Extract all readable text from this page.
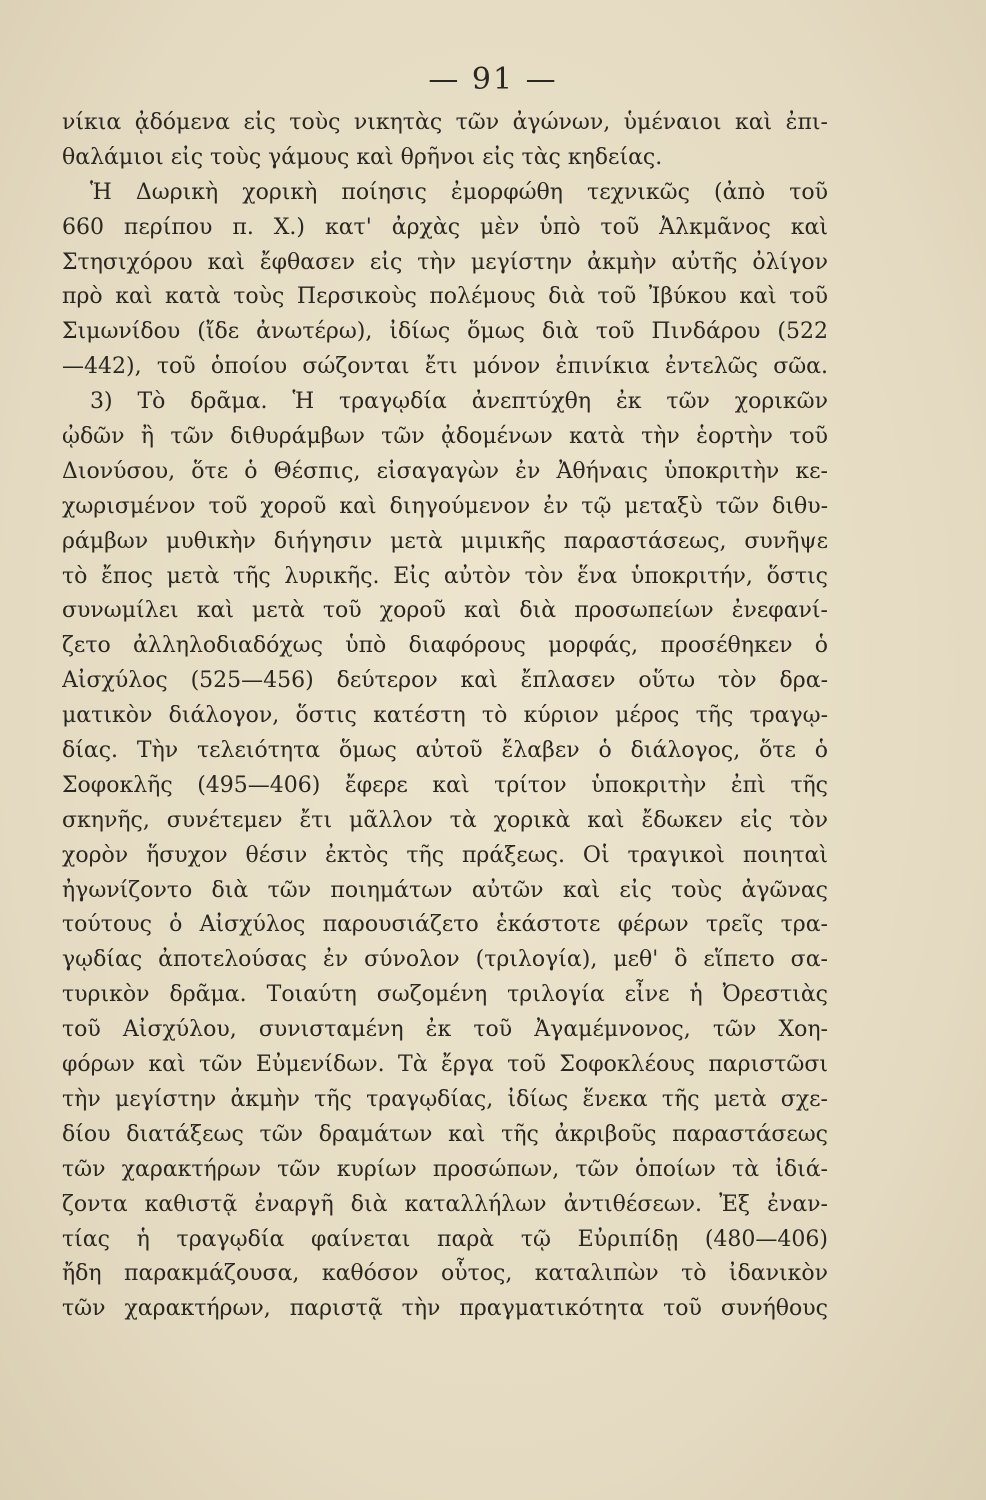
— 91 —
νίκια ᾀδόμενα εἰς τοὺς νικητὰς τῶν ἀγώνων, ὑμέναιοι καὶ ἐπι-
θαλάμιοι εἰς τοὺς γάμους καὶ θρῆνοι εἰς τὰς κηδείας.
Ἡ Δωρικὴ χορικὴ ποίησις ἐμορφώθη τεχνικῶς (ἀπὸ τοῦ
660 περίπου π. Χ.) κατ' ἀρχὰς μὲν ὑπὸ τοῦ Ἀλκμᾶνος καὶ
Στησιχόρου καὶ ἔφθασεν εἰς τὴν μεγίστην ἀκμὴν αὐτῆς ὀλίγον
πρὸ καὶ κατὰ τοὺς Περσικοὺς πολέμους διὰ τοῦ Ἰβύκου καὶ τοῦ
Σιμωνίδου (ἴδε ἀνωτέρω), ἰδίως ὅμως διὰ τοῦ Πινδάρου (522
—442), τοῦ ὁποίου σώζονται ἔτι μόνον ἐπινίκια ἐντελῶς σῶα.
3) Τὸ δρᾶμα. Ἡ τραγῳδία ἀνεπτύχθη ἐκ τῶν χορικῶν
ᾠδῶν ἢ τῶν διθυράμβων τῶν ᾀδομένων κατὰ τὴν ἑορτὴν τοῦ
Διονύσου, ὅτε ὁ Θέσπις, εἰσαγαγὼν ἐν Ἀθήναις ὑποκριτὴν κε-
χωρισμένον τοῦ χοροῦ καὶ διηγούμενον ἐν τῷ μεταξὺ τῶν διθυ-
ράμβων μυθικὴν διήγησιν μετὰ μιμικῆς παραστάσεως, συνῆψε
τὸ ἔπος μετὰ τῆς λυρικῆς. Εἰς αὐτὸν τὸν ἕνα ὑποκριτήν, ὅστις
συνωμίλει καὶ μετὰ τοῦ χοροῦ καὶ διὰ προσωπείων ἐνεφανί-
ζετο ἀλληλοδιαδόχως ὑπὸ διαφόρους μορφάς, προσέθηκεν ὁ
Αἰσχύλος (525—456) δεύτερον καὶ ἔπλασεν οὕτω τὸν δρα-
ματικὸν διάλογον, ὅστις κατέστη τὸ κύριον μέρος τῆς τραγῳ-
δίας. Τὴν τελειότητα ὅμως αὐτοῦ ἔλαβεν ὁ διάλογος, ὅτε ὁ
Σοφοκλῆς (495—406) ἔφερε καὶ τρίτον ὑποκριτὴν ἐπὶ τῆς
σκηνῆς, συνέτεμεν ἔτι μᾶλλον τὰ χορικὰ καὶ ἔδωκεν εἰς τὸν
χορὸν ἥσυχον θέσιν ἐκτὸς τῆς πράξεως. Οἱ τραγικοὶ ποιηταὶ
ἠγωνίζοντο διὰ τῶν ποιημάτων αὐτῶν καὶ εἰς τοὺς ἀγῶνας
τούτους ὁ Αἰσχύλος παρουσιάζετο ἑκάστοτε φέρων τρεῖς τρα-
γῳδίας ἀποτελούσας ἐν σύνολον (τριλογία), μεθ' ὃ εἵπετο σα-
τυρικὸν δρᾶμα. Τοιαύτη σωζομένη τριλογία εἶνε ἡ Ὀρεστιὰς
τοῦ Αἰσχύλου, συνισταμένη ἐκ τοῦ Ἀγαμέμνονος, τῶν Χοη-
φόρων καὶ τῶν Εὐμενίδων. Τὰ ἔργα τοῦ Σοφοκλέους παριστῶσι
τὴν μεγίστην ἀκμὴν τῆς τραγῳδίας, ἰδίως ἕνεκα τῆς μετὰ σχε-
δίου διατάξεως τῶν δραμάτων καὶ τῆς ἀκριβοῦς παραστάσεως
τῶν χαρακτήρων τῶν κυρίων προσώπων, τῶν ὁποίων τὰ ἰδιά-
ζοντα καθιστᾷ ἐναργῆ διὰ καταλλήλων ἀντιθέσεων. Ἐξ ἐναν-
τίας ἡ τραγῳδία φαίνεται παρὰ τῷ Εὐριπίδῃ (480—406)
ἤδη παρακμάζουσα, καθόσον οὗτος, καταλιπὼν τὸ ἰδανικὸν
τῶν χαρακτήρων, παριστᾷ τὴν πραγματικότητα τοῦ συνήθους
